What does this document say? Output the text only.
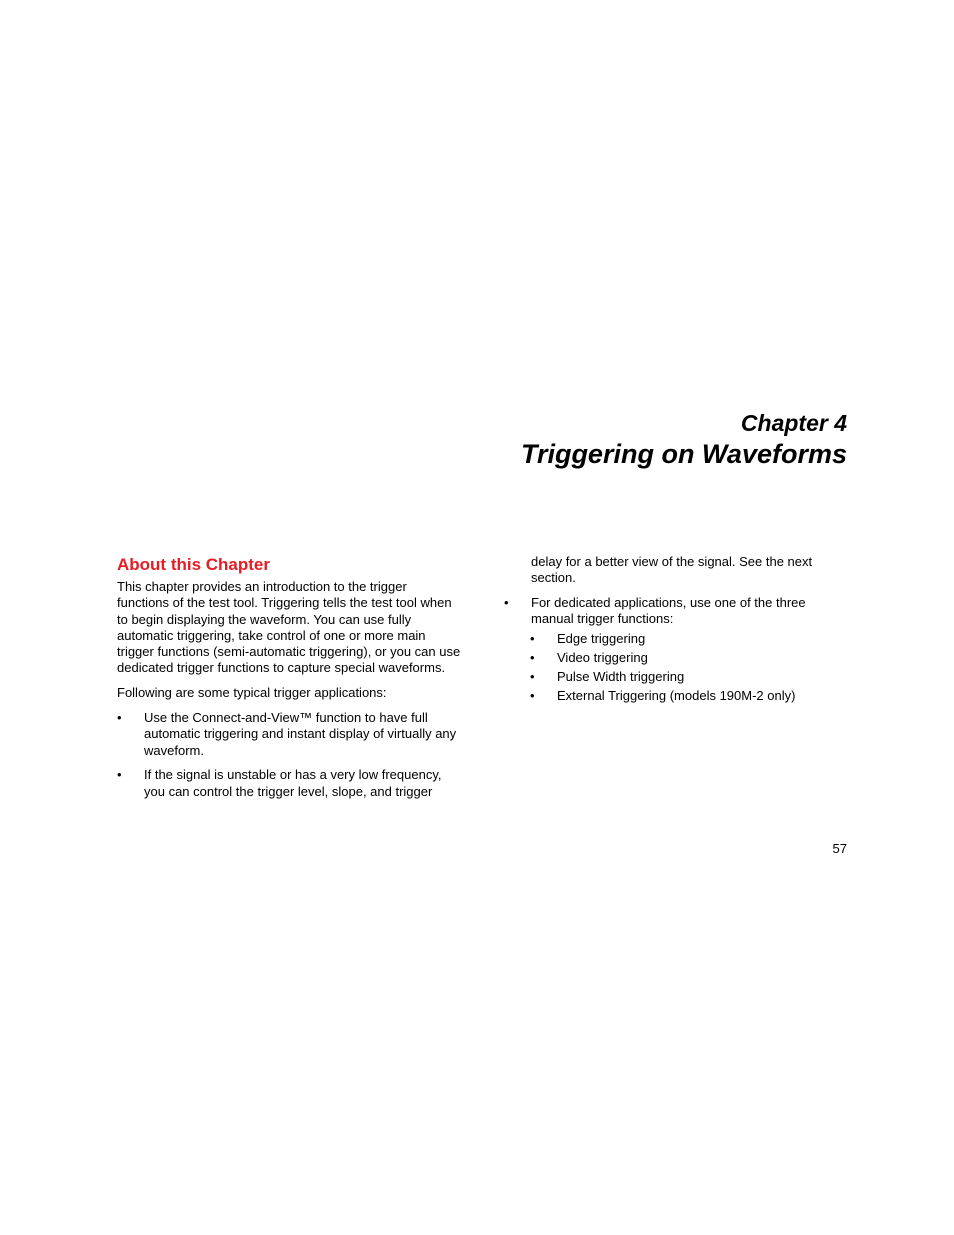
Chapter 4
Triggering on Waveforms
About this Chapter

This chapter provides an introduction to the trigger functions of the test tool. Triggering tells the test tool when to begin displaying the waveform. You can use fully automatic triggering, take control of one or more main trigger functions (semi-automatic triggering), or you can use dedicated trigger functions to capture special waveforms.

Following are some typical trigger applications:

•	Use the Connect-and-View™ function to have full automatic triggering and instant display of virtually any waveform.
•	If the signal is unstable or has a very low frequency, you can control the trigger level, slope, and trigger
delay for a better view of the signal. See the next section.
•	For dedicated applications, use one of the three manual trigger functions:
•	Edge triggering
•	Video triggering
•	Pulse Width triggering
•	External Triggering (models 190M-2 only)
57
